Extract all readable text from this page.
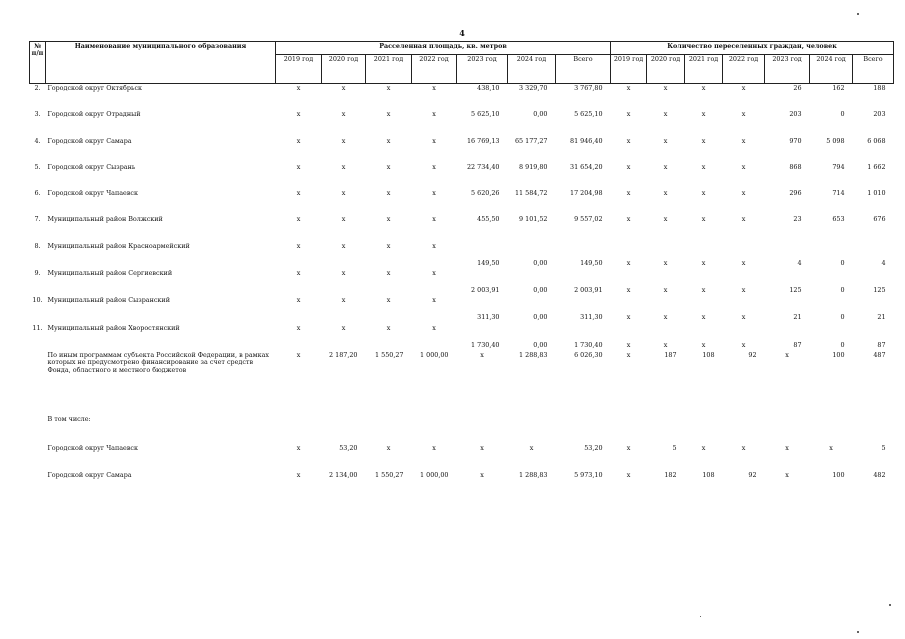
4
№ п/п	Наименование муниципального образования	Расселенная площадь, кв. метров							Количество переселенных граждан, человек						
		2019 год	2020 год	2021 год	2022 год	2023 год	2024 год	Всего	2019 год	2020 год	2021 год	2022 год	2023 год	2024 год	Всего
2.	Городской округ Октябрьск	x	x	x	x	438,10	3 329,70	3 767,80	x	x	x	x	26	162	188
3.	Городской округ Отрадный	x	x	x	x	5 625,10	0,00	5 625,10	x	x	x	x	203	0	203
4.	Городской округ Самара	x	x	x	x	16 769,13	65 177,27	81 946,40	x	x	x	x	970	5 098	6 068
5.	Городской округ Сызрань	x	x	x	x	22 734,40	8 919,80	31 654,20	x	x	x	x	868	794	1 662
6.	Городской округ Чапаевск	x	x	x	x	5 620,26	11 584,72	17 204,98	x	x	x	x	296	714	1 010
7.	Муниципальный район Волжский	x	x	x	x	455,50	9 101,52	9 557,02	x	x	x	x	23	653	676
8.	Муниципальный район Красноармейский	x	x	x	x	149,50	0,00	149,50	x	x	x	x	4	0	4
9.	Муниципальный район Сергиевский	x	x	x	x	2 003,91	0,00	2 003,91	x	x	x	x	125	0	125
10.	Муниципальный район Сызранский	x	x	x	x	311,30	0,00	311,30	x	x	x	x	21	0	21
11.	Муниципальный район Хворостянский	x	x	x	x	1 730,40	0,00	1 730,40	x	x	x	x	87	0	87
	По иным программам субъекта Российской Федерации, в рамках которых не предусмотрено финансирование за счет средств Фонда, областного и местного бюджетов	x	2 187,20	1 550,27	1 000,00	x	1 288,83	6 026,30	x	187	108	92	x	100	487
	В том числе:														
	Городской округ Чапаевск	x	53,20	x	x	x	x	53,20	x	5	x	x	x	x	5
	Городской округ Самара	x	2 134,00	1 550,27	1 000,00	x	1 288,83	5 973,10	x	182	108	92	x	100	482
